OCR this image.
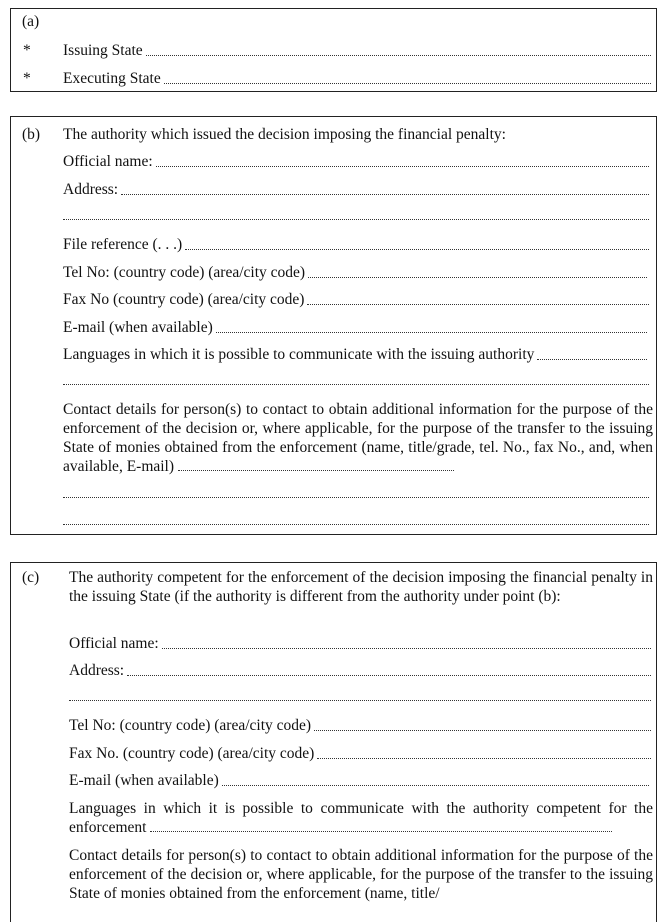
(a)
* Issuing State
* Executing State
(b) The authority which issued the decision imposing the financial penalty:
Official name:
Address:
File reference (. . .)
Tel No: (country code) (area/city code)
Fax No (country code) (area/city code)
E-mail (when available)
Languages in which it is possible to communicate with the issuing authority
Contact details for person(s) to contact to obtain additional information for the purpose of the enforcement of the decision or, where applicable, for the purpose of the transfer to the issuing State of monies obtained from the enforcement (name, title/grade, tel. No., fax No., and, when available, E-mail)
(c) The authority competent for the enforcement of the decision imposing the financial penalty in the issuing State (if the authority is different from the authority under point (b):
Official name:
Address:
Tel No: (country code) (area/city code)
Fax No. (country code) (area/city code)
E-mail (when available)
Languages in which it is possible to communicate with the authority competent for the enforcement
Contact details for person(s) to contact to obtain additional information for the purpose of the enforcement of the decision or, where applicable, for the purpose of the transfer to the issuing State of monies obtained from the enforcement (name, title/
